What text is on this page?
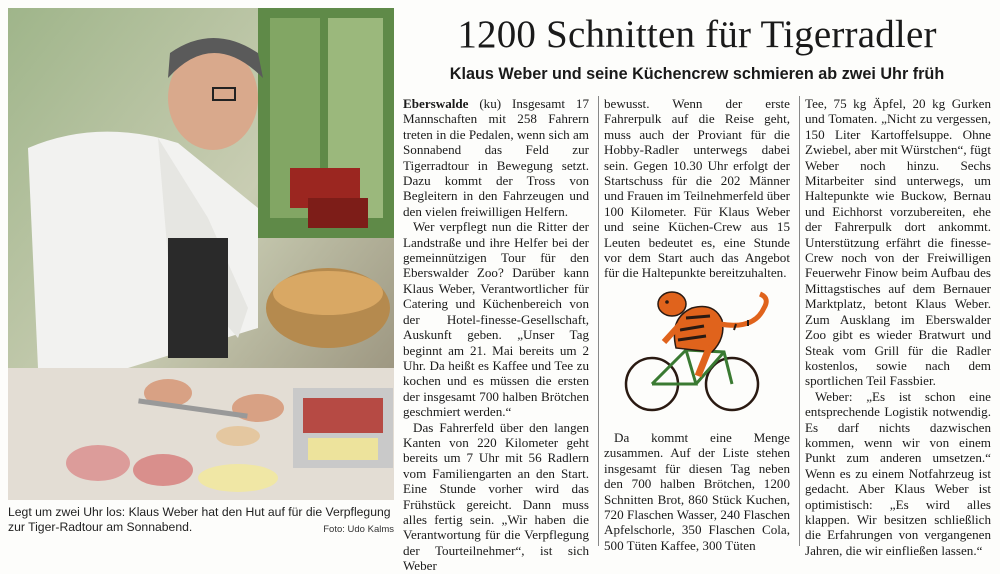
Legt um zwei Uhr los: Klaus Weber hat den Hut auf für die Verpflegung zur Tiger-Radtour am Sonnabend.	Foto: Udo Kalms
1200 Schnitten für Tigerradler
Klaus Weber und seine Küchencrew schmieren ab zwei Uhr früh

Eberswalde (ku) Insgesamt 17 Mannschaften mit 258 Fahrern treten in die Pedalen, wenn sich am Sonnabend das Feld zur Tigerradtour in Bewegung setzt. Dazu kommt der Tross von Begleitern in den Fahrzeugen und den vielen freiwilligen Helfern.

Wer verpflegt nun die Ritter der Landstraße und ihre Helfer bei der gemeinnützigen Tour für den Eberswalder Zoo? Darüber kann Klaus Weber, Verantwortlicher für Catering und Küchenbereich von der Hotel-finesse-Gesellschaft, Auskunft geben. „Unser Tag beginnt am 21. Mai bereits um 2 Uhr. Da heißt es Kaffee und Tee zu kochen und es müssen die ersten der insgesamt 700 halben Brötchen geschmiert werden.“

Das Fahrerfeld über den langen Kanten von 220 Kilometer geht bereits um 7 Uhr mit 56 Radlern vom Familiengarten an den Start. Eine Stunde vorher wird das Frühstück gereicht. Dann muss alles fertig sein. „Wir haben die Verantwortung für die Verpflegung der Tourteilnehmer“, ist sich Weber

bewusst. Wenn der erste Fahrerpulk auf die Reise geht, muss auch der Proviant für die Hobby-Radler unterwegs dabei sein. Gegen 10.30 Uhr erfolgt der Startschuss für die 202 Männer und Frauen im Teilnehmerfeld über 100 Kilometer. Für Klaus Weber und seine Küchen-Crew aus 15 Leuten bedeutet es, eine Stunde vor dem Start auch das Angebot für die Haltepunkte bereitzuhalten.

Da kommt eine Menge zusammen. Auf der Liste stehen insgesamt für diesen Tag neben den 700 halben Brötchen, 1200 Schnitten Brot, 860 Stück Kuchen, 720 Flaschen Wasser, 240 Flaschen Apfelschorle, 350 Flaschen Cola, 500 Tüten Kaffee, 300 Tüten

Tee, 75 kg Äpfel, 20 kg Gurken und Tomaten. „Nicht zu vergessen, 150 Liter Kartoffelsuppe. Ohne Zwiebel, aber mit Würstchen“, fügt Weber noch hinzu. Sechs Mitarbeiter sind unterwegs, um Haltepunkte wie Buckow, Bernau und Eichhorst vorzubereiten, ehe der Fahrerpulk dort ankommt. Unterstützung erfährt die finesse-Crew noch von der Freiwilligen Feuerwehr Finow beim Aufbau des Mittagstisches auf dem Bernauer Marktplatz, betont Klaus Weber. Zum Ausklang im Eberswalder Zoo gibt es wieder Bratwurt und Steak vom Grill für die Radler kostenlos, sowie nach dem sportlichen Teil Fassbier.

Weber: „Es ist schon eine entsprechende Logistik notwendig. Es darf nichts dazwischen kommen, wenn wir von einem Punkt zum anderen umsetzen.“ Wenn es zu einem Notfahrzeug ist gedacht. Aber Klaus Weber ist optimistisch: „Es wird alles klappen. Wir besitzen schließlich die Erfahrungen von vergangenen Jahren, die wir einfließen lassen.“
